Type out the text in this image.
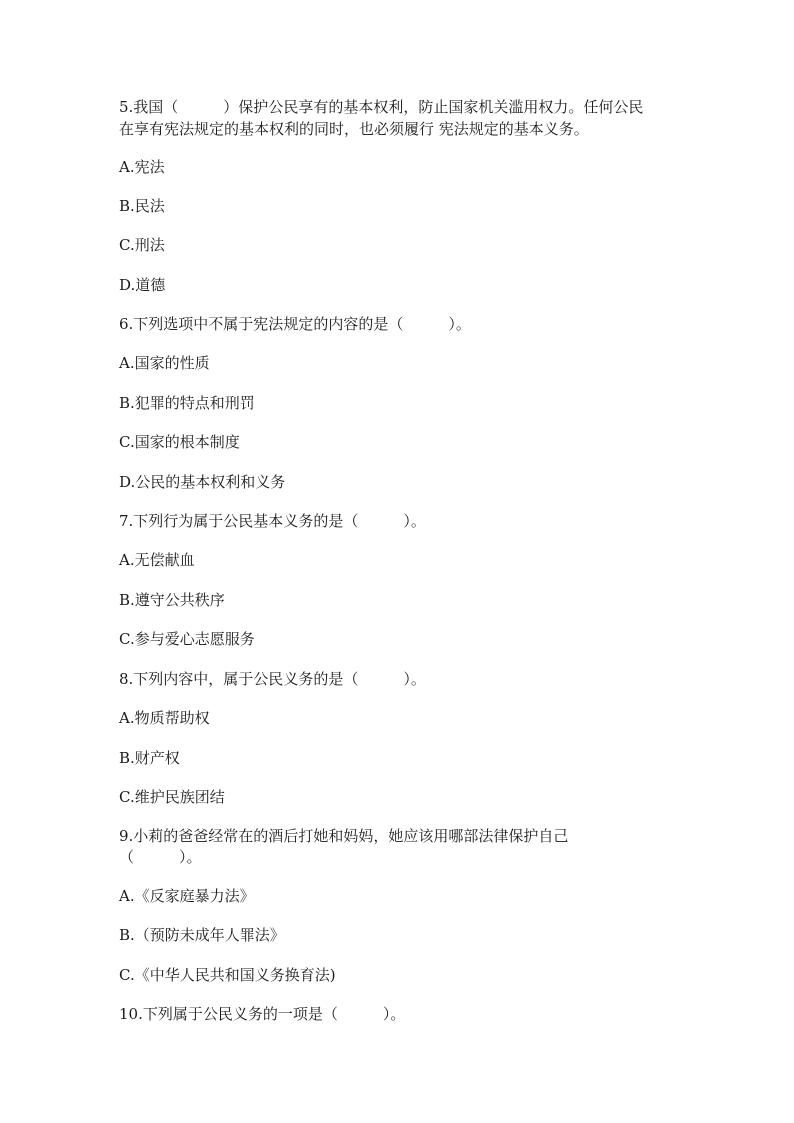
5.我国（　　　）保护公民享有的基本权利，防止国家机关滥用权力。任何公民
在享有宪法规定的基本权利的同时，也必须履行 宪法规定的基本义务。
A.宪法
B.民法
C.刑法
D.道德
6.下列选项中不属于宪法规定的内容的是（　　　）。
A.国家的性质
B.犯罪的特点和刑罚
C.国家的根本制度
D.公民的基本权利和义务
7.下列行为属于公民基本义务的是（　　　）。
A.无偿献血
B.遵守公共秩序
C.参与爱心志愿服务
8.下列内容中，属于公民义务的是（　　　）。
A.物质帮助权
B.财产权
C.维护民族团结
9.小莉的爸爸经常在的酒后打她和妈妈，她应该用哪部法律保护自己
（　　　）。
A.《反家庭暴力法》
B.（预防未成年人罪法》
C.《中华人民共和国义务换育法)
10.下列属于公民义务的一项是（　　　）。
